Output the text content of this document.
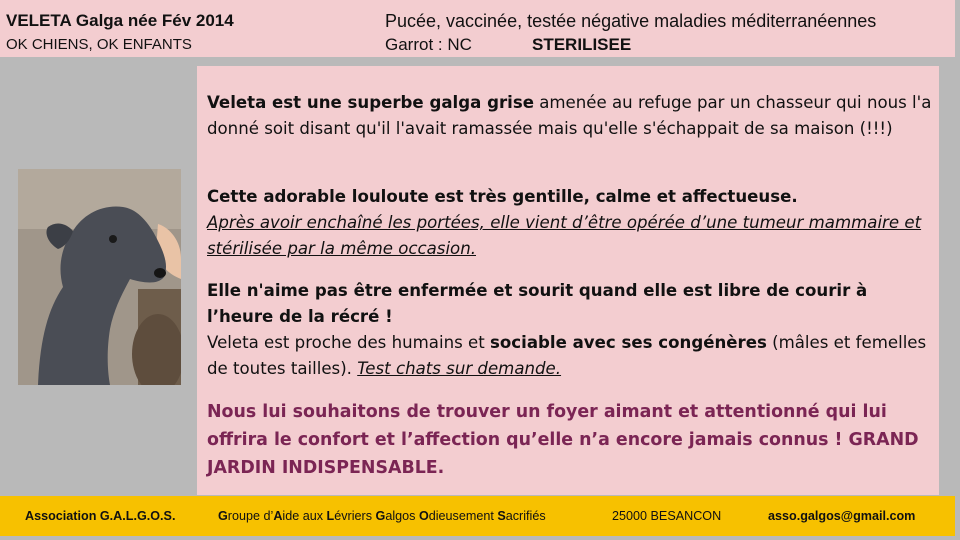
VELETA Galga née Fév 2014
OK CHIENS, OK ENFANTS
Pucée, vaccinée, testée négative maladies méditerranéennes
Garrot : NC	STERILISEE

Veleta est une superbe galga grise amenée au refuge par un chasseur qui nous l'a donné soit disant qu'il l'avait ramassée mais qu'elle s'échappait de sa maison (!!!)

Cette adorable louloute est très gentille, calme et affectueuse.
Après avoir enchaîné les portées, elle vient d’être opérée d’une tumeur mammaire et stérilisée par la même occasion.

Elle n'aime pas être enfermée et sourit quand elle est libre de courir à l’heure de la récré !
Veleta est proche des humains et sociable avec ses congénères (mâles et femelles de toutes tailles). Test chats sur demande.

Nous lui souhaitons de trouver un foyer aimant et attentionné qui lui offrira le confort et l’affection qu’elle n’a encore jamais connus ! GRAND JARDIN INDISPENSABLE.

Association G.A.L.G.O.S.	Groupe d’Aide aux Lévriers Galgos Odieusement Sacrifiés	25000 BESANCON	asso.galgos@gmail.com
